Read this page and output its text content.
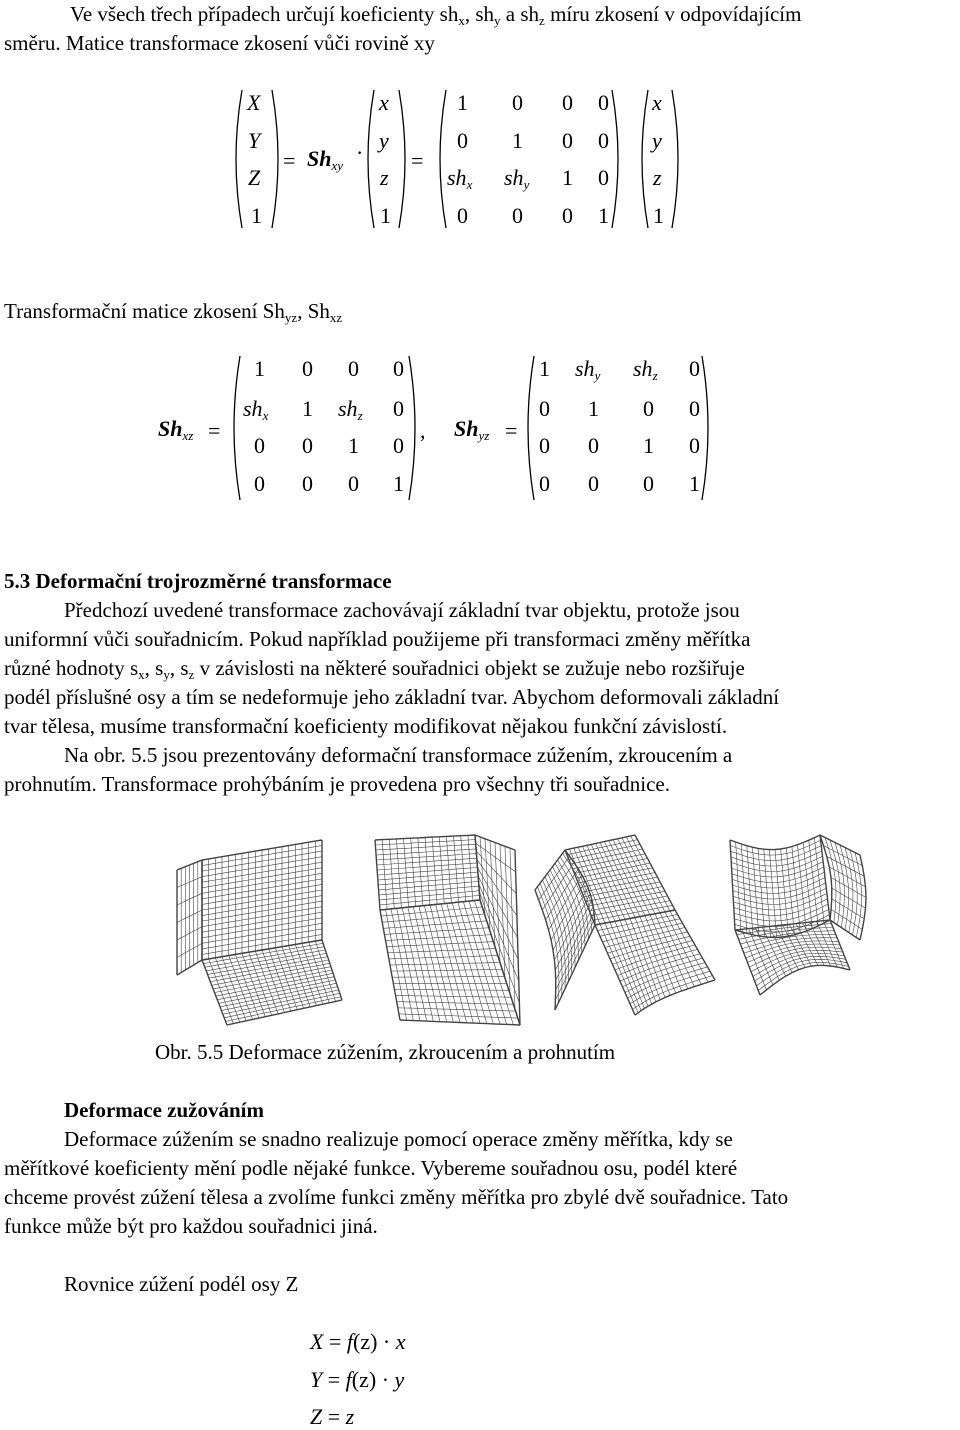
Ve všech třech případech určují koeficienty $sh_x$, $sh_y$ a $sh_z$ míru zkosení v odpovídajícím
směru. Matice transformace zkosení vůči rovině xy
X
Y
Z
1
= $Sh_{xy}$
·
x
y
z
1
=
1 0 0 0
0 1 0 0
$sh_x$ $sh_y$ 1 0
0 0 0 1
x
y
z
1
Transformační matice zkosení $Sh_{yz}$, $Sh_{xz}$
$Sh_{xz}$ =
1 0 0 0
$sh_x$ 1 $sh_z$ 0
0 0 1 0
0 0 0 1
, $Sh_{yz}$ =
1 $sh_y$ $sh_z$ 0
0 1 0 0
0 0 1 0
0 0 0 1
5.3 Deformační trojrozměrné transformace
Předchozí uvedené transformace zachovávají základní tvar objektu, protože jsou
uniformní vůči souřadnicím. Pokud například použijeme při transformaci změny měřítka
různé hodnoty $s_x$, $s_y$, $s_z$ v závislosti na některé souřadnici objekt se zužuje nebo rozšiřuje
podél příslušné osy a tím se nedeformuje jeho základní tvar. Abychom deformovali základní
tvar tělesa, musíme transformační koeficienty modifikovat nějakou funkční závislostí.
Na obr. 5.5 jsou prezentovány deformační transformace zúžením, zkroucením a
prohnutím. Transformace prohýbáním je provedena pro všechny tři souřadnice.
Obr. 5.5 Deformace zúžením, zkroucením a prohnutím
Deformace zužováním
Deformace zúžením se snadno realizuje pomocí operace změny měřítka, kdy se
měřítkové koeficienty mění podle nějaké funkce. Vybereme souřadnou osu, podél které
chceme provést zúžení tělesa a zvolíme funkci změny měřítka pro zbylé dvě souřadnice. Tato
funkce může být pro každou souřadnici jiná.
Rovnice zúžení podél osy Z
X = f(z) · x
Y = f(z) · y
Z = z
